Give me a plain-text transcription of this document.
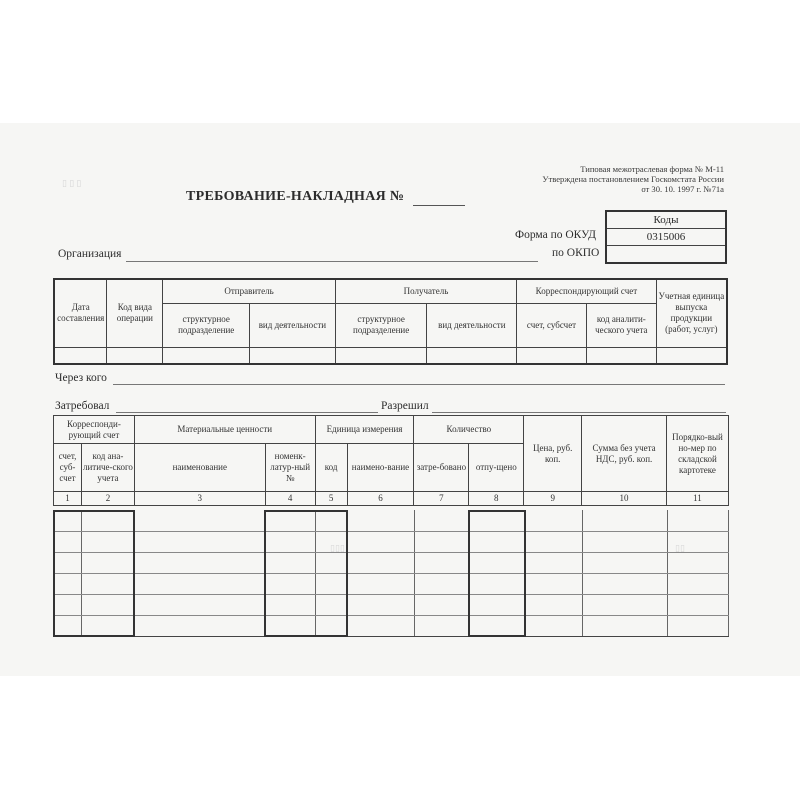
▯ ▯ ▯
▯▯▯	▯▯
Типовая межотраслевая форма № М-11
Утверждена постановлением Госкомстата России
от 30. 10. 1997 г. №71а
ТРЕБОВАНИЕ-НАКЛАДНАЯ №
Коды
0315006
Форма по ОКУД
по ОКПО
Организация
Дата составления	Код вида операции	Отправитель		Получатель		Корреспондирующий счет		Учетная единица выпуска продукции (работ, услуг)
		структурное подразделение	вид деятельности	структурное подразделение	вид деятельности	счет, субсчет	код аналити-ческого учета	

Через кого
Затребовал	Разрешил
Корреспонди-рующий счет		Материальные ценности		Единица измерения		Количество		Цена, руб. коп.	Сумма без учета НДС, руб. коп.	Порядко-вый но-мер по складской картотеке
счет, суб-счет	код ана-литиче-ского учета	наименование	номенк-латур-ный №	код	наимено-вание	затре-бовано	отпу-щено			
1	2	3	4	5	6	7	8	9	10	11
